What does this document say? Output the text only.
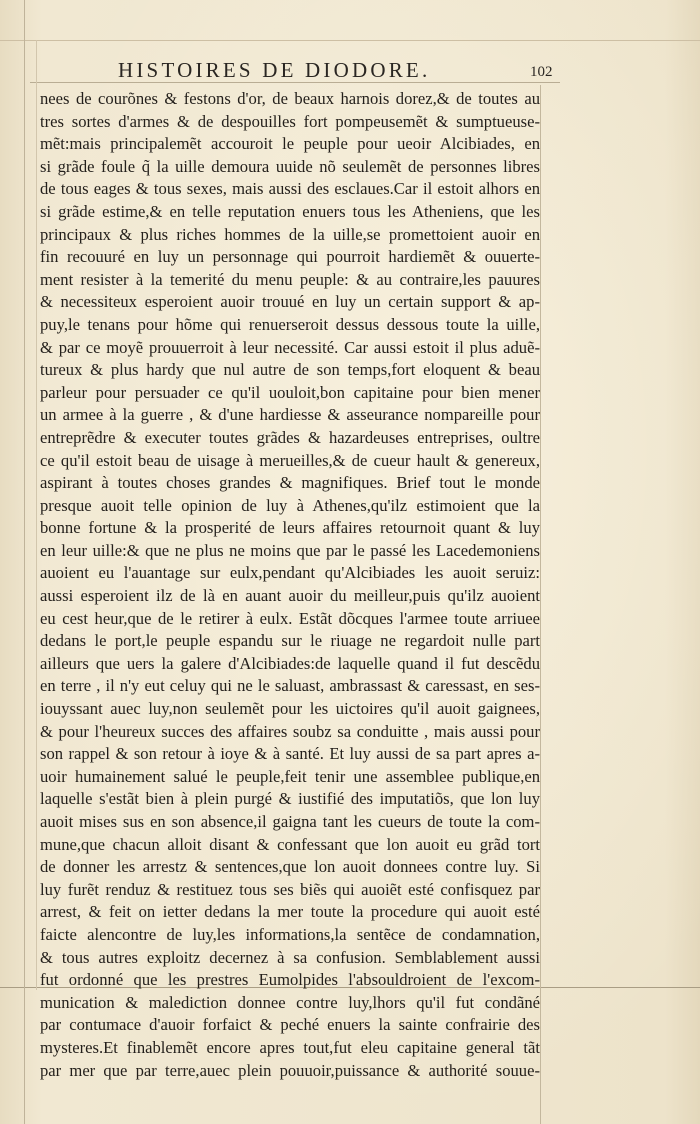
HISTOIRES DE DIODORE.	102
nees de courõnes & festons d'or, de beaux harnois dorez,& de toutes au
tres sortes d'armes & de despouilles fort pompeusemẽt & sumptueuse-
mẽt:mais principalemẽt accouroit le peuple pour ueoir Alcibiades, en
si grãde foule q̃ la uille demoura uuide nõ seulemẽt de personnes libres
de tous eages & tous sexes, mais aussi des esclaues.Car il estoit alhors en
si grãde estime,& en telle reputation enuers tous les Atheniens, que les
principaux & plus riches hommes de la uille,se promettoient auoir en
fin recouuré en luy un personnage qui pourroit hardiemẽt & ouuerte-
ment resister à la temerité du menu peuple: & au contraire,les pauures
& necessiteux esperoient auoir trouué en luy un certain support & ap-
puy,le tenans pour hõme qui renuerseroit dessus dessous toute la uille,
& par ce moyẽ prouuerroit à leur necessité. Car aussi estoit il plus aduẽ-
tureux & plus hardy que nul autre de son temps,fort eloquent & beau
parleur pour persuader ce qu'il uouloit,bon capitaine pour bien mener
un armee à la guerre , & d'une hardiesse & asseurance nompareille pour
entreprẽdre & executer toutes grãdes & hazardeuses entreprises, oultre
ce qu'il estoit beau de uisage à merueilles,& de cueur hault & genereux,
aspirant à toutes choses grandes & magnifiques. Brief tout le monde
presque auoit telle opinion de luy à Athenes,qu'ilz estimoient que la
bonne fortune & la prosperité de leurs affaires retournoit quant & luy
en leur uille:& que ne plus ne moins que par le passé les Lacedemoniens
auoient eu l'auantage sur eulx,pendant qu'Alcibiades les auoit seruiz:
aussi esperoient ilz de là en auant auoir du meilleur,puis qu'ilz auoient
eu cest heur,que de le retirer à eulx. Estãt dõcques l'armee toute arriuee
dedans le port,le peuple espandu sur le riuage ne regardoit nulle part
ailleurs que uers la galere d'Alcibiades:de laquelle quand il fut descẽdu
en terre , il n'y eut celuy qui ne le saluast, ambrassast & caressast, en ses-
iouyssant auec luy,non seulemẽt pour les uictoires qu'il auoit gaignees,
& pour l'heureux succes des affaires soubz sa conduitte , mais aussi pour
son rappel & son retour à ioye & à santé. Et luy aussi de sa part apres a-
uoir humainement salué le peuple,feit tenir une assemblee publique,en
laquelle s'estãt bien à plein purgé & iustifié des imputatiõs, que lon luy
auoit mises sus en son absence,il gaigna tant les cueurs de toute la com-
mune,que chacun alloit disant & confessant que lon auoit eu grãd tort
de donner les arrestz & sentences,que lon auoit donnees contre luy. Si
luy furẽt renduz & restituez tous ses biẽs qui auoiẽt esté confisquez par
arrest, & feit on ietter dedans la mer toute la procedure qui auoit esté
faicte alencontre de luy,les informations,la sentẽce de condamnation,
& tous autres exploitz decernez à sa confusion. Semblablement aussi
fut ordonné que les prestres Eumolpides l'absouldroient de l'excom-
munication & malediction donnee contre luy,lhors qu'il fut condãné
par contumace d'auoir forfaict & peché enuers la sainte confrairie des
mysteres.Et finablemẽt encore apres tout,fut eleu capitaine general tãt
par mer que par terre,auec plein pouuoir,puissance & authorité souue-
